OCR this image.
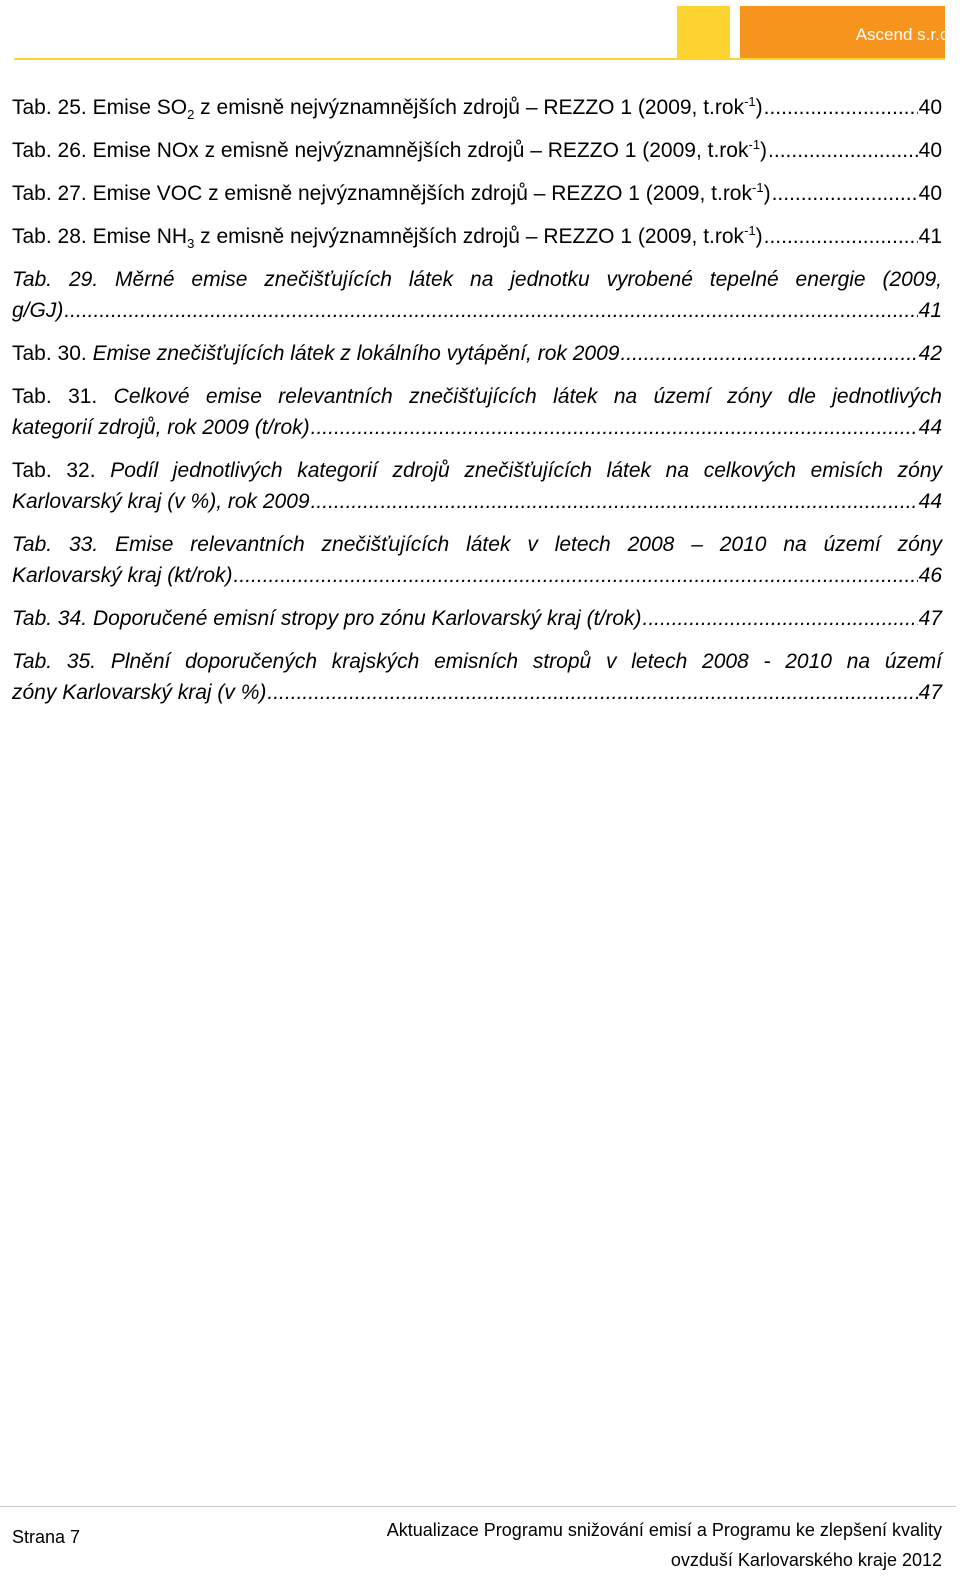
Ascend s.r.o.
Tab. 25. Emise $SO_2$ z emisně nejvýznamnějších zdrojů – REZZO 1 (2009, t.rok$^{-1}$) .....	40
Tab. 26. Emise NOx z emisně nejvýznamnějších zdrojů – REZZO 1 (2009, t.rok$^{-1}$) .....	40
Tab. 27. Emise VOC z emisně nejvýznamnějších zdrojů – REZZO 1 (2009, t.rok$^{-1}$) .....	40
Tab. 28. Emise $NH_3$ z emisně nejvýznamnějších zdrojů – REZZO 1 (2009, t.rok$^{-1}$) .....	41
Tab. 29. Měrné emise znečišťujících látek na jednotku vyrobené tepelné energie (2009,
g/GJ) .....	41
Tab. 30. Emise znečišťujících látek z lokálního vytápění, rok 2009 .....	42
Tab. 31. Celkové emise relevantních znečišťujících látek na území zóny dle jednotlivých
kategorií zdrojů, rok 2009 (t/rok) .....	44
Tab. 32. Podíl jednotlivých kategorií zdrojů znečišťujících látek na celkových emisích zóny
Karlovarský kraj (v %), rok 2009 .....	44
Tab. 33. Emise relevantních znečišťujících látek v letech 2008 – 2010 na území zóny
Karlovarský kraj (kt/rok) .....	46
Tab. 34. Doporučené emisní stropy pro zónu Karlovarský kraj (t/rok) .....	47
Tab. 35. Plnění doporučených krajských emisních stropů v letech 2008 - 2010 na území
zóny Karlovarský kraj (v %) .....	47
Strana 7	Aktualizace Programu snižování emisí a Programu ke zlepšení kvality
ovzduší Karlovarského kraje 2012
